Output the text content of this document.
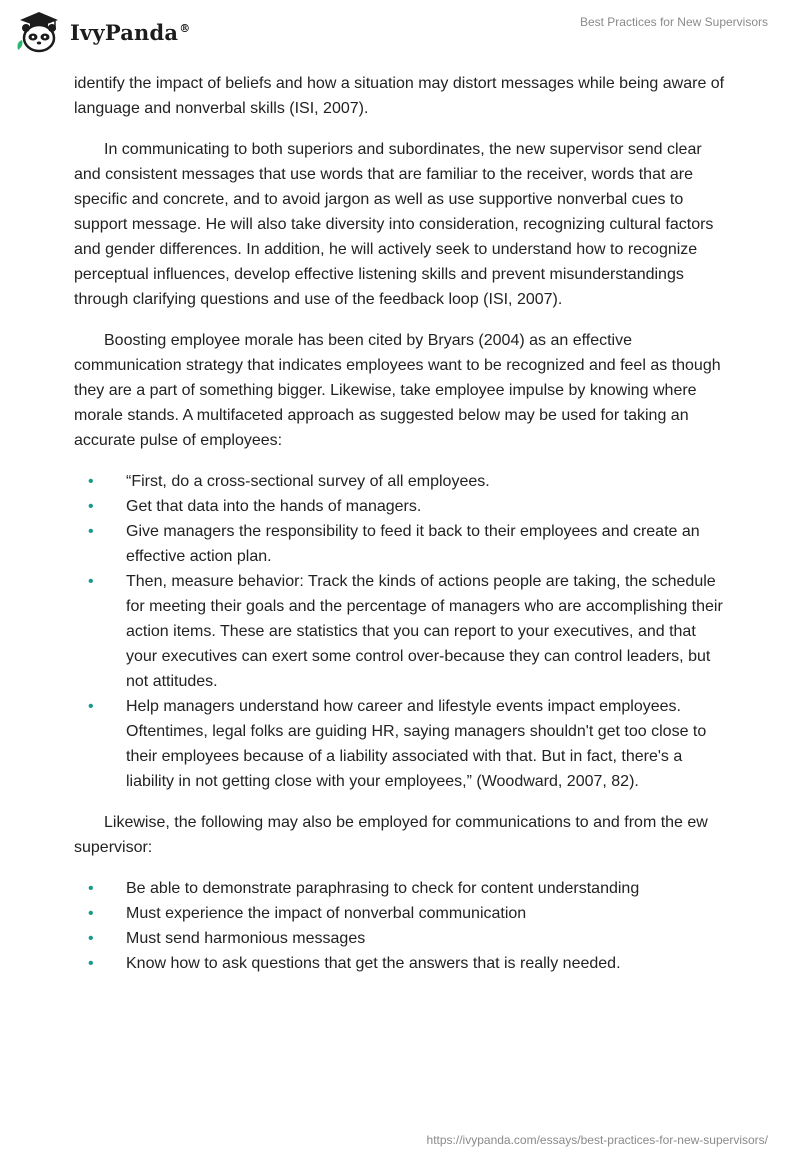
IvyPanda®	Best Practices for New Supervisors

identify the impact of beliefs and how a situation may distort messages while being aware of language and nonverbal skills (ISI, 2007).

In communicating to both superiors and subordinates, the new supervisor send clear and consistent messages that use words that are familiar to the receiver, words that are specific and concrete, and to avoid jargon as well as use supportive nonverbal cues to support message. He will also take diversity into consideration, recognizing cultural factors and gender differences. In addition, he will actively seek to understand how to recognize perceptual influences, develop effective listening skills and prevent misunderstandings through clarifying questions and use of the feedback loop (ISI, 2007).

Boosting employee morale has been cited by Bryars (2004) as an effective communication strategy that indicates employees want to be recognized and feel as though they are a part of something bigger. Likewise, take employee impulse by knowing where morale stands. A multifaceted approach as suggested below may be used for taking an accurate pulse of employees:

• “First, do a cross-sectional survey of all employees.
• Get that data into the hands of managers.
• Give managers the responsibility to feed it back to their employees and create an effective action plan.
• Then, measure behavior: Track the kinds of actions people are taking, the schedule for meeting their goals and the percentage of managers who are accomplishing their action items. These are statistics that you can report to your executives, and that your executives can exert some control over-because they can control leaders, but not attitudes.
• Help managers understand how career and lifestyle events impact employees. Oftentimes, legal folks are guiding HR, saying managers shouldn't get too close to their employees because of a liability associated with that. But in fact, there's a liability in not getting close with your employees,” (Woodward, 2007, 82).

Likewise, the following may also be employed for communications to and from the ew supervisor:

• Be able to demonstrate paraphrasing to check for content understanding
• Must experience the impact of nonverbal communication
• Must send harmonious messages
• Know how to ask questions that get the answers that is really needed.
https://ivypanda.com/essays/best-practices-for-new-supervisors/
